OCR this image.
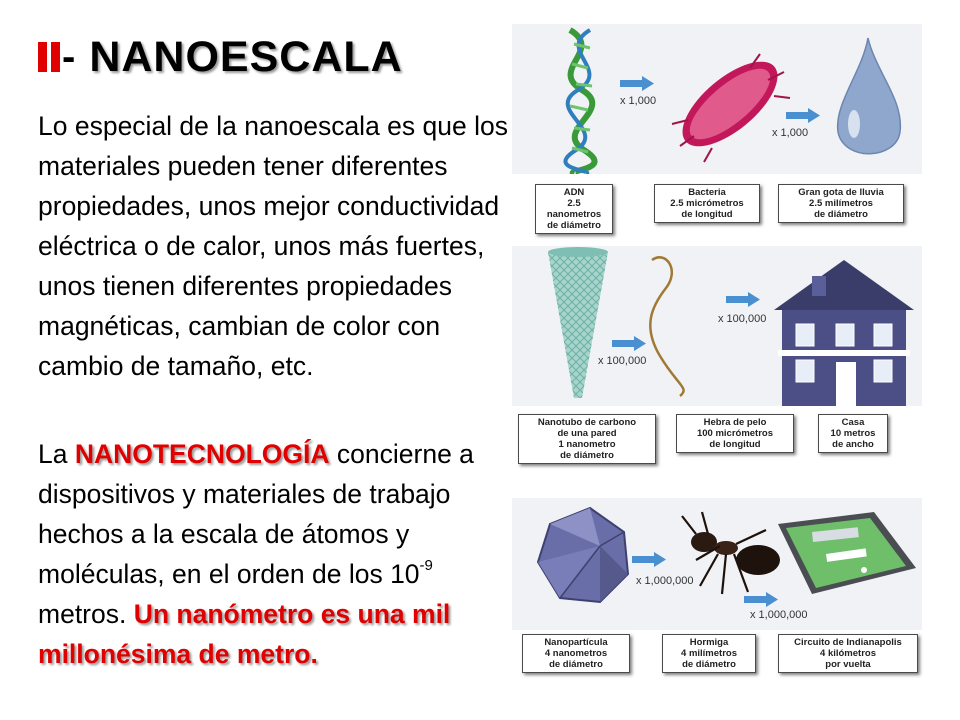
- NANOESCALA
Lo especial de la nanoescala es que los materiales pueden tener diferentes propiedades, unos mejor conductividad eléctrica o de calor, unos más fuertes, unos tienen diferentes propiedades magnéticas, cambian de color con cambio de tamaño, etc.
La NANOTECNOLOGÍA concierne a dispositivos y materiales de trabajo hechos a la escala de átomos y moléculas, en el orden de los $10^{-9}$ metros. Un nanómetro es una mil millonésima de metro.
x 1,000
x 1,000
ADN
2.5 nanometros
de diámetro
Bacteria
2.5 micrómetros
de longitud
Gran gota de lluvia
2.5 milímetros
de diámetro
x 100,000
x 100,000
Nanotubo de carbono
de una pared
1 nanometro
de diámetro
Hebra de pelo
100 micrómetros
de longitud
Casa
10 metros
de ancho
x 1,000,000
x 1,000,000
Nanopartícula
4 nanometros
de diámetro
Hormiga
4 milímetros
de diámetro
Circuito de Indianapolis
4 kilómetros
por vuelta
